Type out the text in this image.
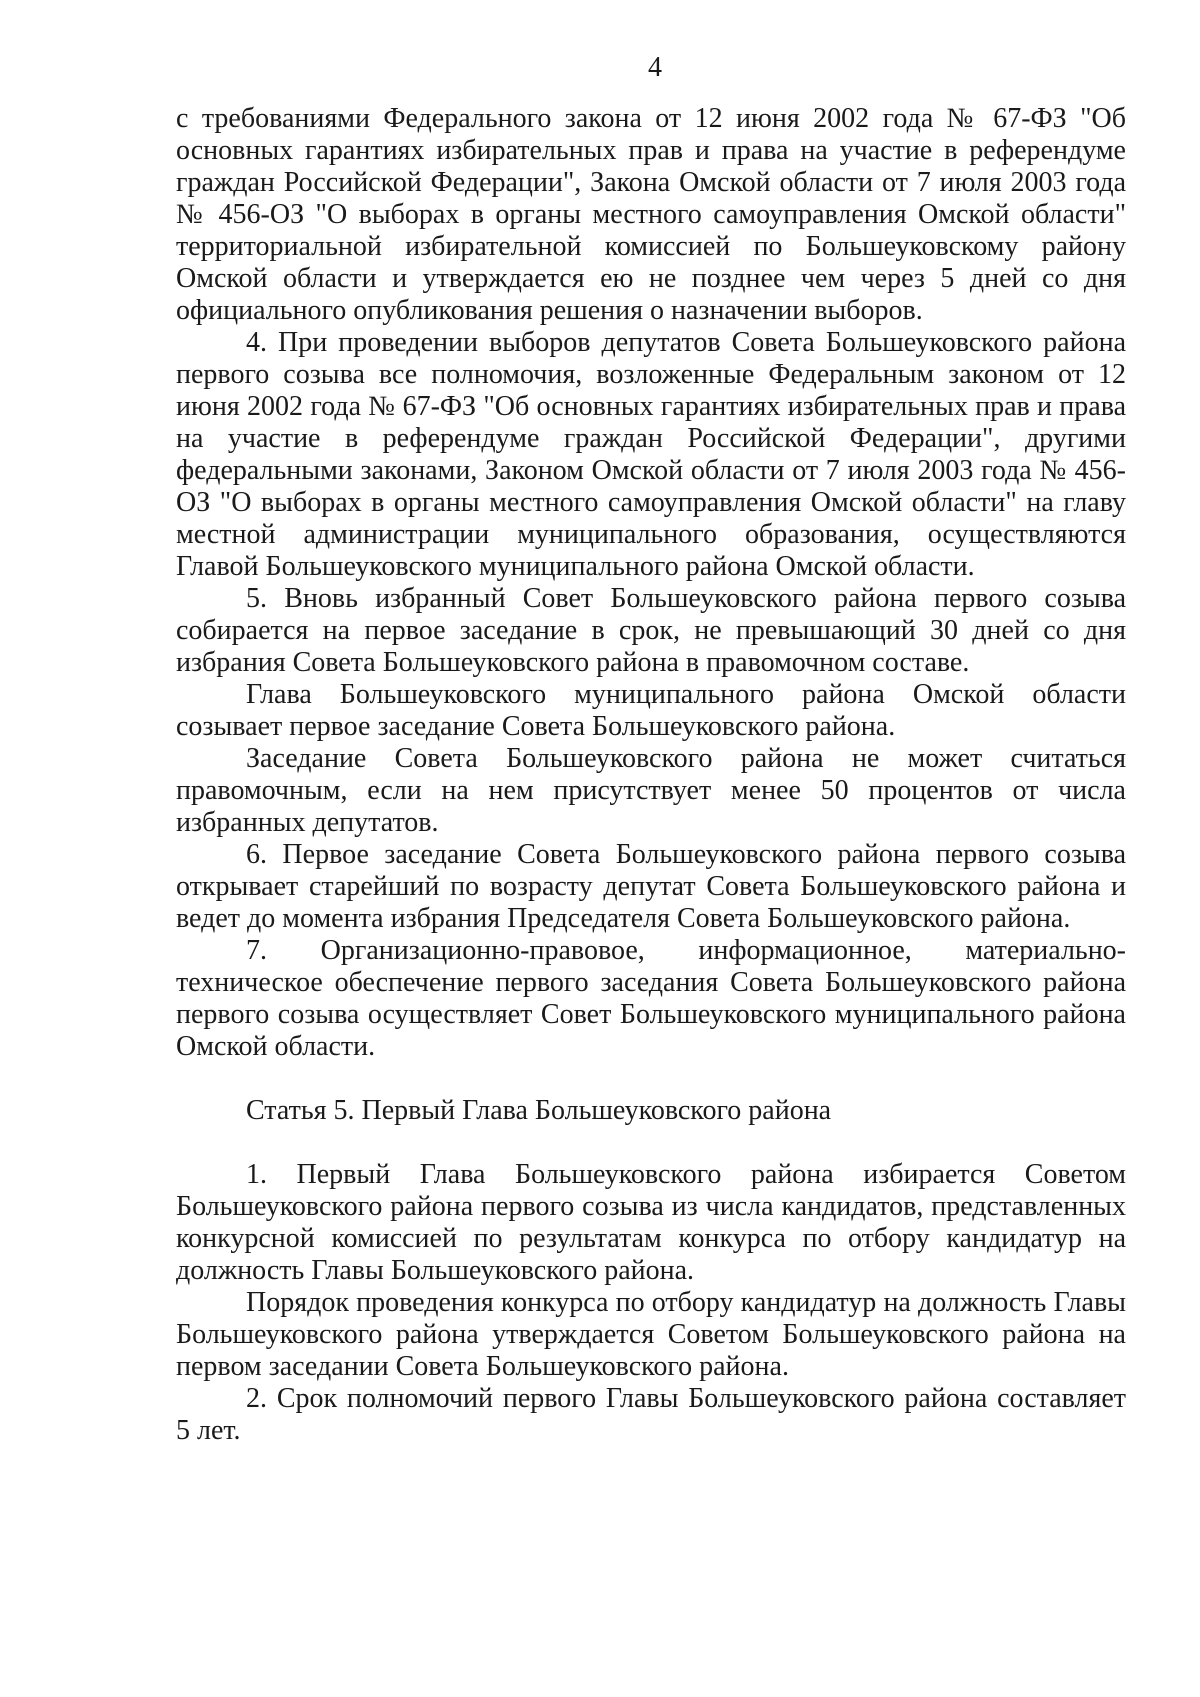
4

с требованиями Федерального закона от 12 июня 2002 года № 67-ФЗ "Об основных гарантиях избирательных прав и права на участие в референдуме граждан Российской Федерации", Закона Омской области от 7 июля 2003 года № 456-ОЗ "О выборах в органы местного самоуправления Омской области" территориальной избирательной комиссией по Большеуковскому району Омской области и утверждается ею не позднее чем через 5 дней со дня официального опубликования решения о назначении выборов.

4. При проведении выборов депутатов Совета Большеуковского района первого созыва все полномочия, возложенные Федеральным законом от 12 июня 2002 года № 67-ФЗ "Об основных гарантиях избирательных прав и права на участие в референдуме граждан Российской Федерации", другими федеральными законами, Законом Омской области от 7 июля 2003 года № 456-ОЗ "О выборах в органы местного самоуправления Омской области" на главу местной администрации муниципального образования, осуществляются Главой Большеуковского муниципального района Омской области.

5. Вновь избранный Совет Большеуковского района первого созыва собирается на первое заседание в срок, не превышающий 30 дней со дня избрания Совета Большеуковского района в правомочном составе.

Глава Большеуковского муниципального района Омской области созывает первое заседание Совета Большеуковского района.

Заседание Совета Большеуковского района не может считаться правомочным, если на нем присутствует менее 50 процентов от числа избранных депутатов.

6. Первое заседание Совета Большеуковского района первого созыва открывает старейший по возрасту депутат Совета Большеуковского района и ведет до момента избрания Председателя Совета Большеуковского района.

7. Организационно-правовое, информационное, материально-техническое обеспечение первого заседания Совета Большеуковского района первого созыва осуществляет Совет Большеуковского муниципального района Омской области.

Статья 5. Первый Глава Большеуковского района

1. Первый Глава Большеуковского района избирается Советом Большеуковского района первого созыва из числа кандидатов, представленных конкурсной комиссией по результатам конкурса по отбору кандидатур на должность Главы Большеуковского района.

Порядок проведения конкурса по отбору кандидатур на должность Главы Большеуковского района утверждается Советом Большеуковского района на первом заседании Совета Большеуковского района.

2. Срок полномочий первого Главы Большеуковского района составляет 5 лет.
